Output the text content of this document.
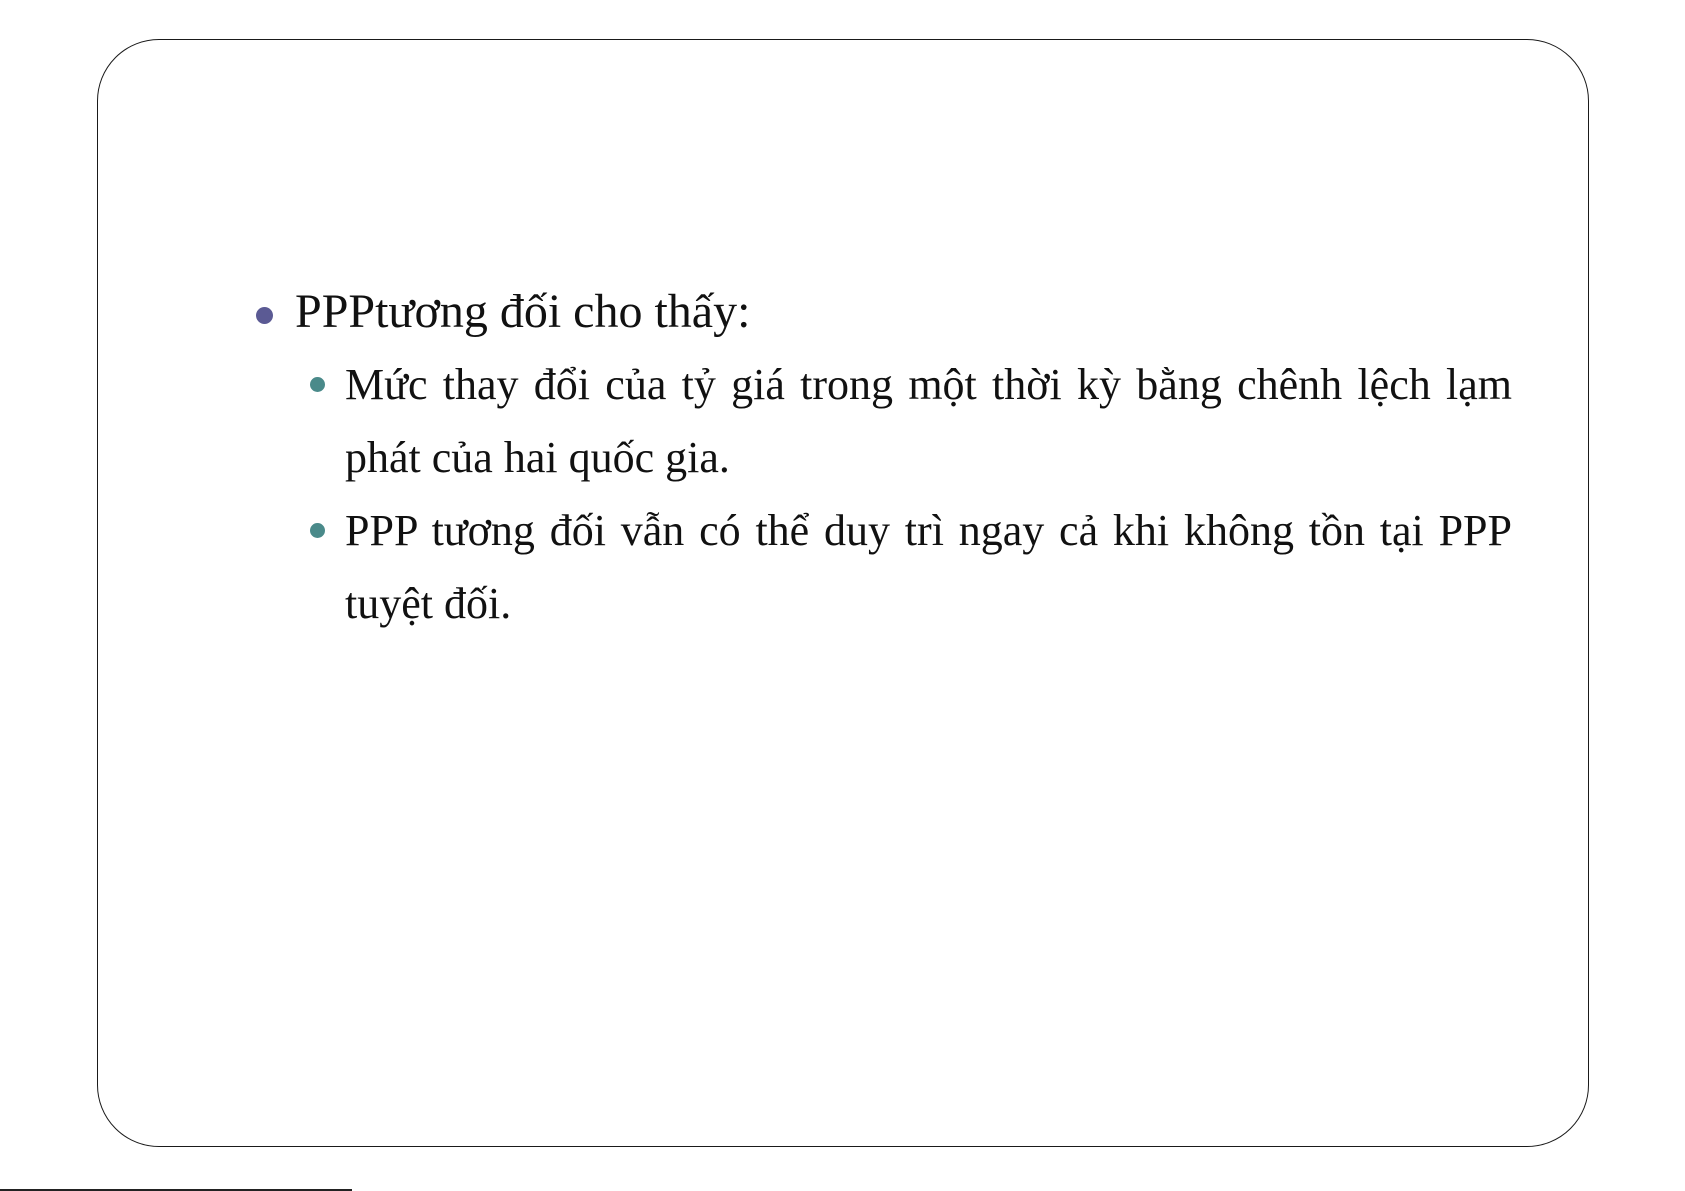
PPPtương đối cho thấy:
Mức thay đổi của tỷ giá trong một thời kỳ bằng chênh lệch lạm phát của hai quốc gia.
PPP tương đối vẫn có thể duy trì ngay cả khi không tồn tại PPP tuyệt đối.
